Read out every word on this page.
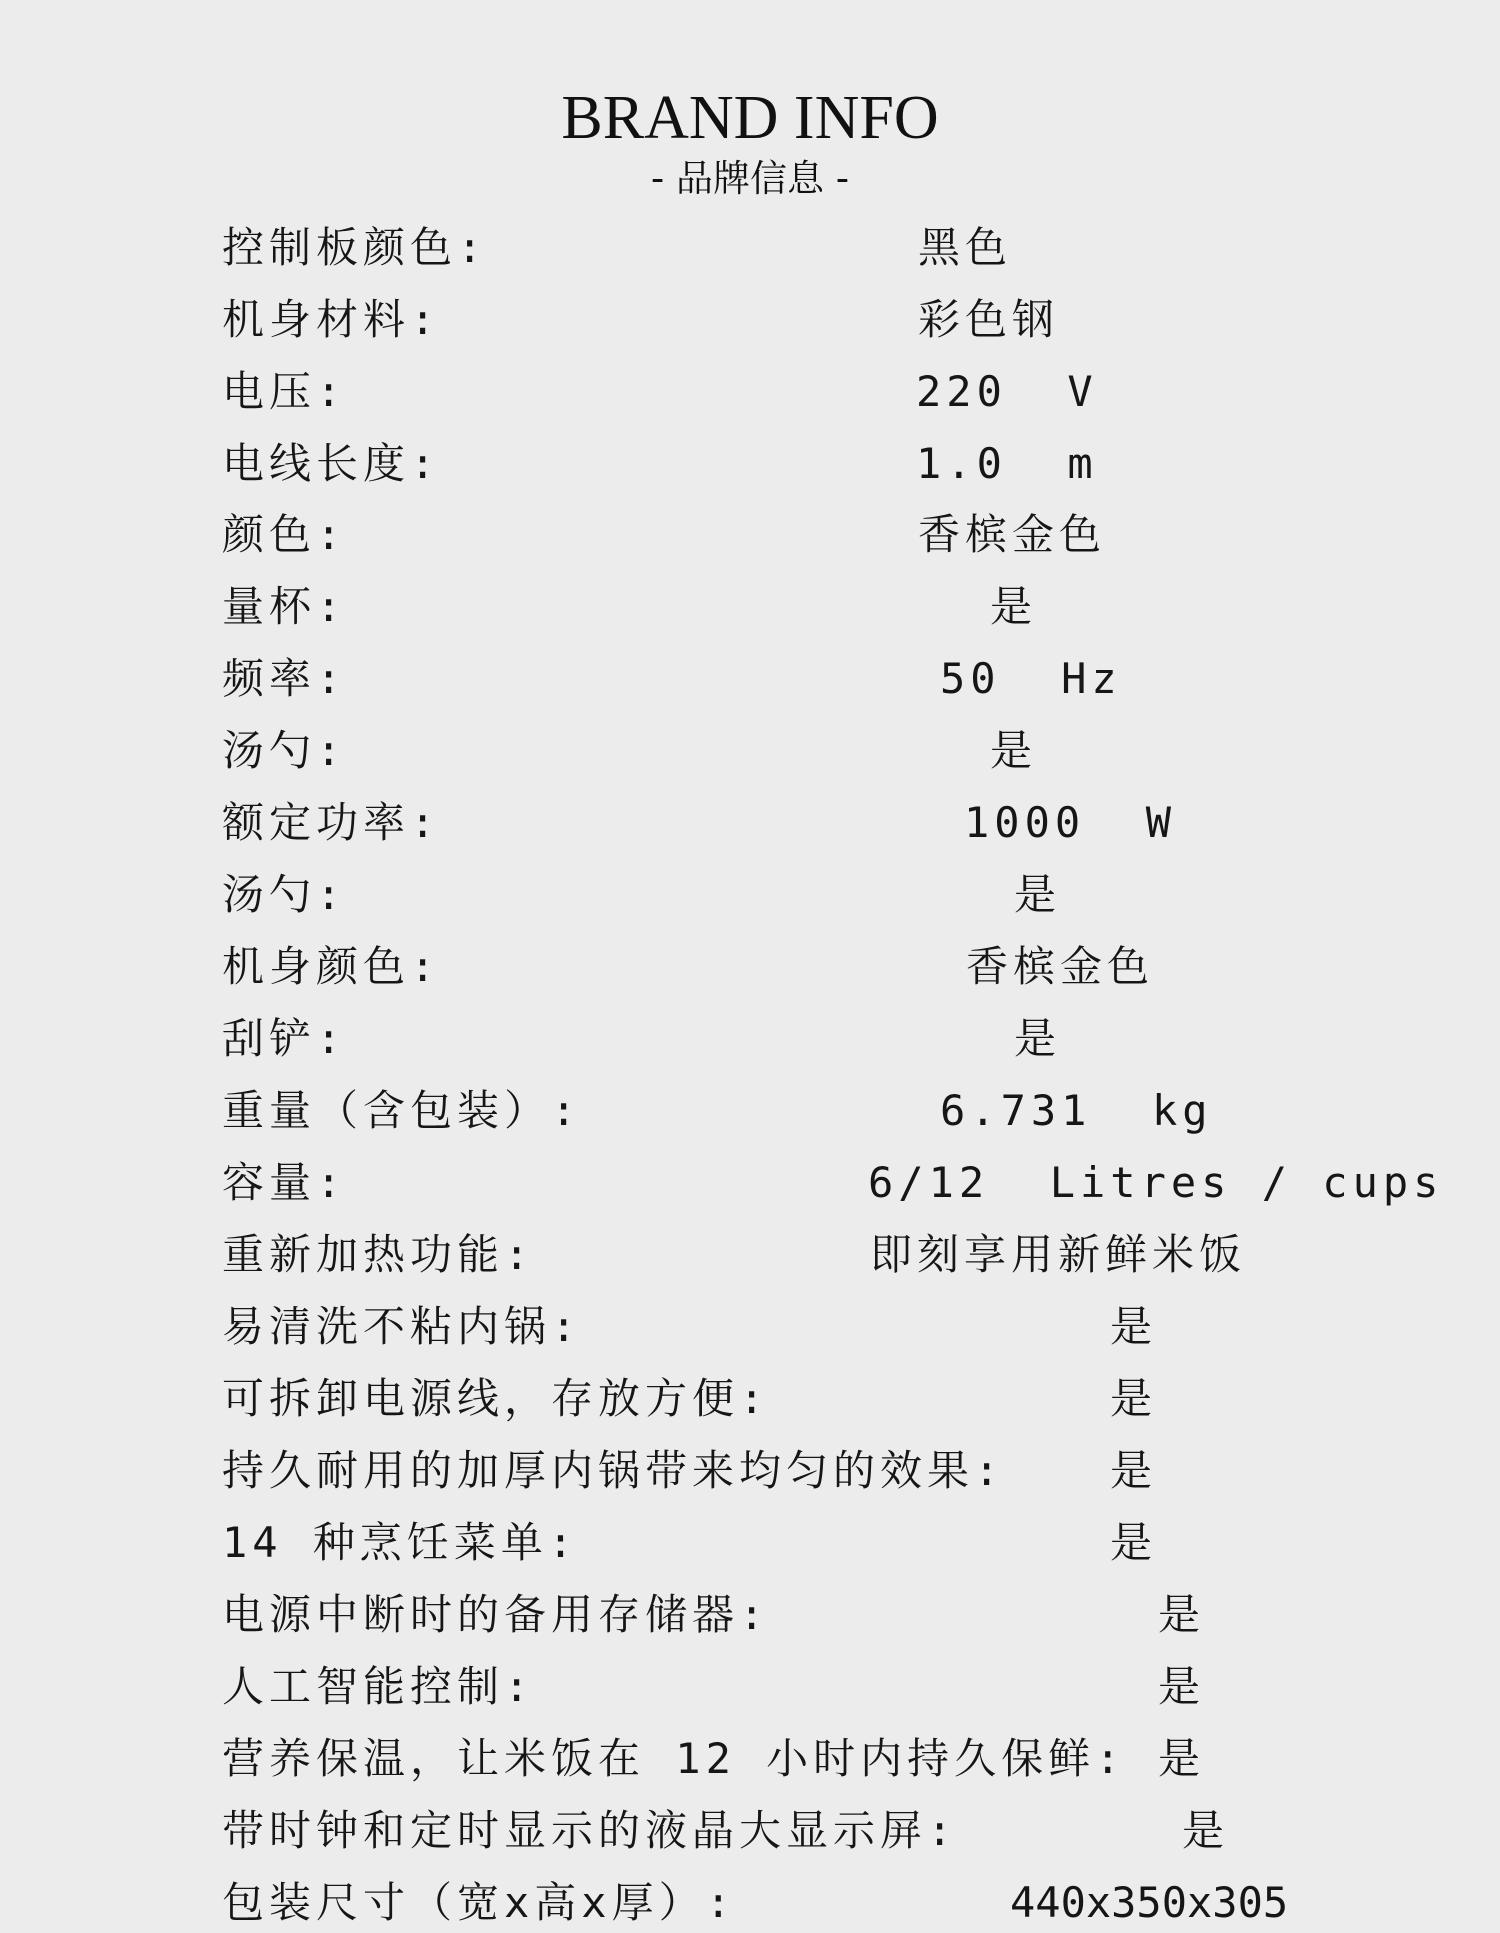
BRAND INFO
- 品牌信息 -
控制板颜色:	黑色
机身材料:	彩色钢
电压:	220  V
电线长度:	1.0  m
颜色:	香槟金色
量杯:	是
频率:	50  Hz
汤勺:	是
额定功率:	1000  W
汤勺:	是
机身颜色:	香槟金色
刮铲:	是
重量（含包装）:	6.731  kg
容量:	6/12  Litres / cups
重新加热功能:	即刻享用新鲜米饭
易清洗不粘内锅:	是
可拆卸电源线，存放方便:	是
持久耐用的加厚内锅带来均匀的效果:	是
14 种烹饪菜单:	是
电源中断时的备用存储器:	是
人工智能控制:	是
营养保温，让米饭在 12 小时内持久保鲜: 是
带时钟和定时显示的液晶大显示屏:	是
包装尺寸（宽x高x厚）:	440x350x305
